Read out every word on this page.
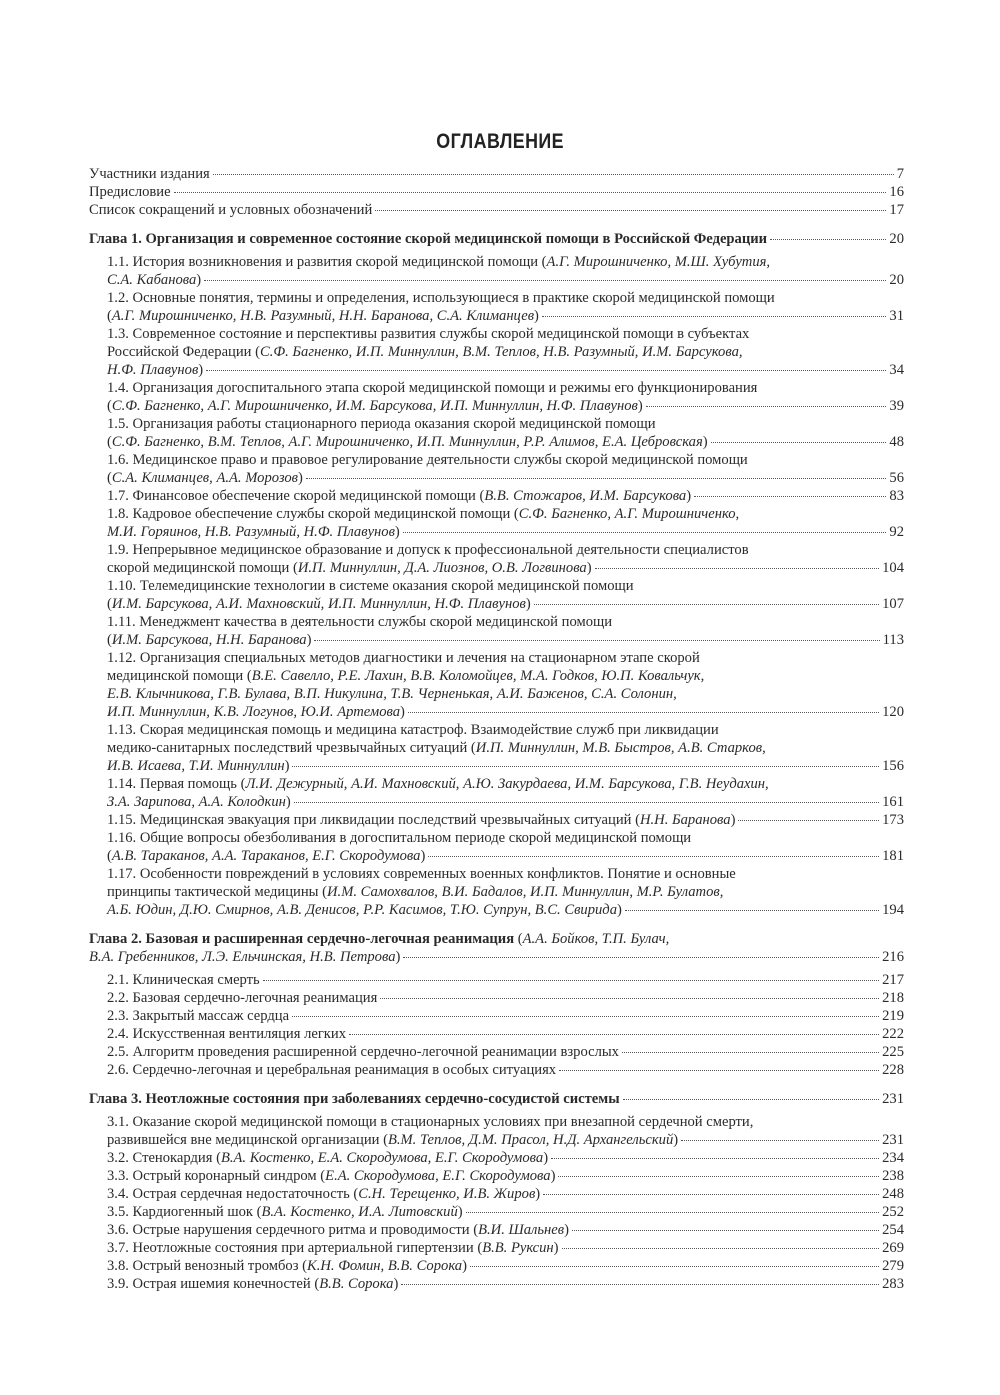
ОГЛАВЛЕНИЕ
Участники издания	7
Предисловие	16
Список сокращений и условных обозначений	17
Глава 1. Организация и современное состояние скорой медицинской помощи в Российской Федерации	20
1.1. История возникновения и развития скорой медицинской помощи (А.Г. Мирошниченко, М.Ш. Хубутия,
С.А. Кабанова)	20
1.2. Основные понятия, термины и определения, использующиеся в практике скорой медицинской помощи
(А.Г. Мирошниченко, Н.В. Разумный, Н.Н. Баранова, С.А. Климанцев)	31
1.3. Современное состояние и перспективы развития службы скорой медицинской помощи в субъектах
Российской Федерации (С.Ф. Багненко, И.П. Миннуллин, В.М. Теплов, Н.В. Разумный, И.М. Барсукова,
Н.Ф. Плавунов)	34
1.4. Организация догоспитального этапа скорой медицинской помощи и режимы его функционирования
(С.Ф. Багненко, А.Г. Мирошниченко, И.М. Барсукова, И.П. Миннуллин, Н.Ф. Плавунов)	39
1.5. Организация работы стационарного периода оказания скорой медицинской помощи
(С.Ф. Багненко, В.М. Теплов, А.Г. Мирошниченко, И.П. Миннуллин, Р.Р. Алимов, Е.А. Цебровская)	48
1.6. Медицинское право и правовое регулирование деятельности службы скорой медицинской помощи
(С.А. Климанцев, А.А. Морозов)	56
1.7. Финансовое обеспечение скорой медицинской помощи (В.В. Стожаров, И.М. Барсукова)	83
1.8. Кадровое обеспечение службы скорой медицинской помощи (С.Ф. Багненко, А.Г. Мирошниченко,
М.И. Горяинов, Н.В. Разумный, Н.Ф. Плавунов)	92
1.9. Непрерывное медицинское образование и допуск к профессиональной деятельности специалистов
скорой медицинской помощи (И.П. Миннуллин, Д.А. Лиознов, О.В. Логвинова)	104
1.10. Телемедицинские технологии в системе оказания скорой медицинской помощи
(И.М. Барсукова, А.И. Махновский, И.П. Миннуллин, Н.Ф. Плавунов)	107
1.11. Менеджмент качества в деятельности службы скорой медицинской помощи
(И.М. Барсукова, Н.Н. Баранова)	113
1.12. Организация специальных методов диагностики и лечения на стационарном этапе скорой
медицинской помощи (В.Е. Савелло, Р.Е. Лахин, В.В. Коломойцев, М.А. Годков, Ю.П. Ковальчук,
Е.В. Клычникова, Г.В. Булава, В.П. Никулина, Т.В. Черненькая, А.И. Баженов, С.А. Солонин,
И.П. Миннуллин, К.В. Логунов, Ю.И. Артемова)	120
1.13. Скорая медицинская помощь и медицина катастроф. Взаимодействие служб при ликвидации
медико-санитарных последствий чрезвычайных ситуаций (И.П. Миннуллин, М.В. Быстров, А.В. Старков,
И.В. Исаева, Т.И. Миннуллин)	156
1.14. Первая помощь (Л.И. Дежурный, А.И. Махновский, А.Ю. Закурдаева, И.М. Барсукова, Г.В. Неудахин,
З.А. Зарипова, А.А. Колодкин)	161
1.15. Медицинская эвакуация при ликвидации последствий чрезвычайных ситуаций (Н.Н. Баранова)	173
1.16. Общие вопросы обезболивания в догоспитальном периоде скорой медицинской помощи
(А.В. Тараканов, А.А. Тараканов, Е.Г. Скородумова)	181
1.17. Особенности повреждений в условиях современных военных конфликтов. Понятие и основные
принципы тактической медицины (И.М. Самохвалов, В.И. Бадалов, И.П. Миннуллин, М.Р. Булатов,
А.Б. Юдин, Д.Ю. Смирнов, А.В. Денисов, Р.Р. Касимов, Т.Ю. Супрун, В.С. Свирида)	194
Глава 2. Базовая и расширенная сердечно-легочная реанимация (А.А. Бойков, Т.П. Булач,
В.А. Гребенников, Л.Э. Ельчинская, Н.В. Петрова)	216
2.1. Клиническая смерть	217
2.2. Базовая сердечно-легочная реанимация	218
2.3. Закрытый массаж сердца	219
2.4. Искусственная вентиляция легких	222
2.5. Алгоритм проведения расширенной сердечно-легочной реанимации взрослых	225
2.6. Сердечно-легочная и церебральная реанимация в особых ситуациях	228
Глава 3. Неотложные состояния при заболеваниях сердечно-сосудистой системы	231
3.1. Оказание скорой медицинской помощи в стационарных условиях при внезапной сердечной смерти,
развившейся вне медицинской организации (В.М. Теплов, Д.М. Прасол, Н.Д. Архангельский)	231
3.2. Стенокардия (В.А. Костенко, Е.А. Скородумова, Е.Г. Скородумова)	234
3.3. Острый коронарный синдром (Е.А. Скородумова, Е.Г. Скородумова)	238
3.4. Острая сердечная недостаточность (С.Н. Терещенко, И.В. Жиров)	248
3.5. Кардиогенный шок (В.А. Костенко, И.А. Литовский)	252
3.6. Острые нарушения сердечного ритма и проводимости (В.И. Шальнев)	254
3.7. Неотложные состояния при артериальной гипертензии (В.В. Руксин)	269
3.8. Острый венозный тромбоз (К.Н. Фомин, В.В. Сорока)	279
3.9. Острая ишемия конечностей (В.В. Сорока)	283
